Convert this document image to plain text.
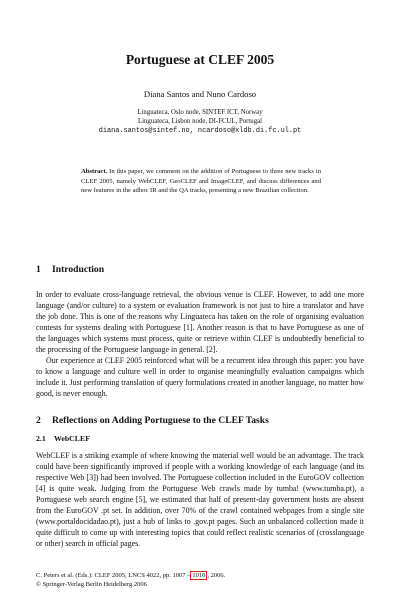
Portuguese at CLEF 2005
Diana Santos and Nuno Cardoso
Linguateca, Oslo node, SINTEF ICT, Norway
Linguateca, Lisbon node, DI-FCUL, Portugal
diana.santos@sintef.no, ncardoso@xldb.di.fc.ul.pt
Abstract. In this paper, we comment on the addition of Portuguese to three new tracks in CLEF 2005, namely WebCLEF, GeoCLEF and ImageCLEF, and discuss differences and new features in the adhoc IR and the QA tracks, presenting a new Brazilian collection.
1 Introduction

In order to evaluate cross-language retrieval, the obvious venue is CLEF. However, to add one more language (and/or culture) to a system or evaluation framework is not just to hire a translator and have the job done. This is one of the reasons why Linguateca has taken on the role of organising evaluation contests for systems dealing with Portuguese [1]. Another reason is that to have Portuguese as one of the languages which systems must process, quite or retrieve within CLEF is undoubtedly beneficial to the processing of the Portuguese language in general. [2].

Our experience at CLEF 2005 reinforced what will be a recurrent idea through this paper: you have to know a language and culture well in order to organise meaningfully evaluation campaigns which include it. Just performing translation of query formulations created in another language, no matter how good, is never enough.

2 Reflections on Adding Portuguese to the CLEF Tasks
2.1 WebCLEF

WebCLEF is a striking example of where knowing the material well would be an advantage. The track could have been significantly improved if people with a working knowledge of each language (and its respective Web [3]) had been involved. The Portuguese collection included in the EuroGOV collection [4] is quite weak. Judging from the Portuguese Web crawls made by tumba! (www.tumba.pt), a Portuguese web search engine [5], we estimated that half of present-day government hosts are absent from the EuroGOV .pt set. In addition, over 70% of the crawl contained webpages from a single site (www.portaldocidadao.pt), just a hub of links to .gov.pt pages. Such an unbalanced collection made it quite difficult to come up with interesting topics that could reflect realistic scenarios of (crosslanguage or other) search in official pages.

C. Peters et al. (Eds.): CLEF 2005, LNCS 4022, pp. 1007 – 1010 , 2006.
© Springer-Verlag Berlin Heidelberg 2006
